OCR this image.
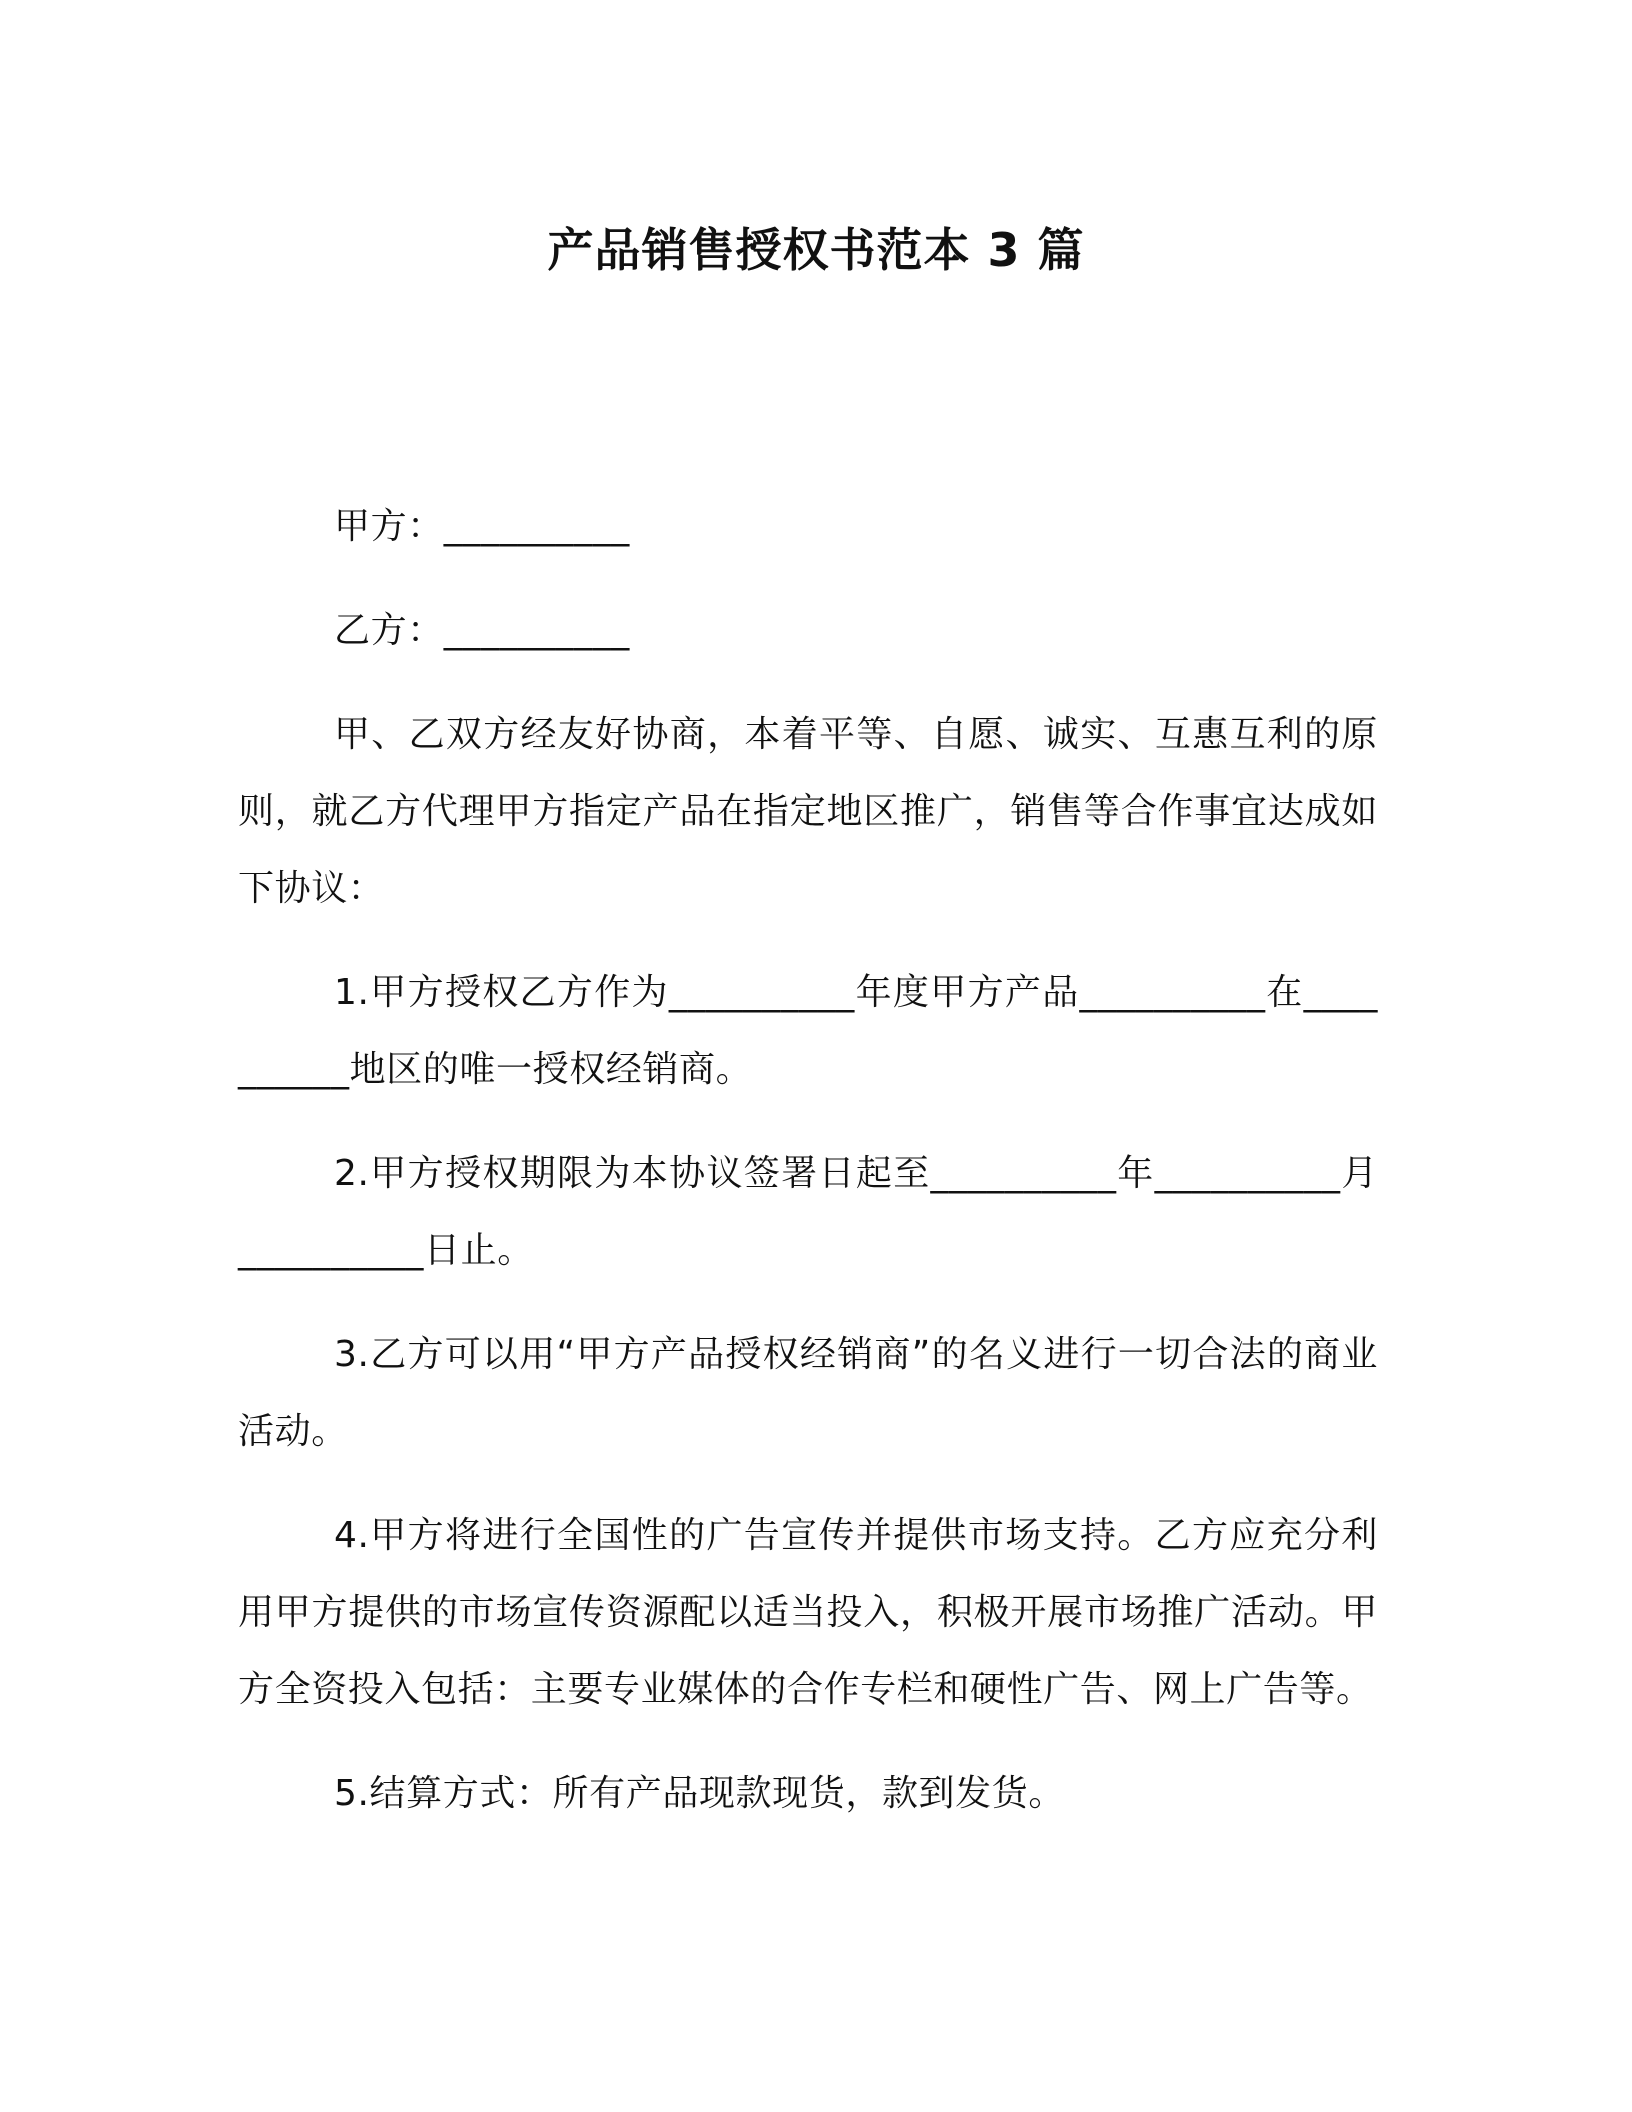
产品销售授权书范本 3 篇

甲方：__________

乙方：__________

甲、乙双方经友好协商，本着平等、自愿、诚实、互惠互利的原则，就乙方代理甲方指定产品在指定地区推广，销售等合作事宜达成如下协议：

1.甲方授权乙方作为__________年度甲方产品__________在__________地区的唯一授权经销商。

2.甲方授权期限为本协议签署日起至__________年__________月__________日止。

3.乙方可以用“甲方产品授权经销商”的名义进行一切合法的商业活动。

4.甲方将进行全国性的广告宣传并提供市场支持。乙方应充分利用甲方提供的市场宣传资源配以适当投入，积极开展市场推广活动。甲方全资投入包括：主要专业媒体的合作专栏和硬性广告、网上广告等。

5.结算方式：所有产品现款现货，款到发货。
